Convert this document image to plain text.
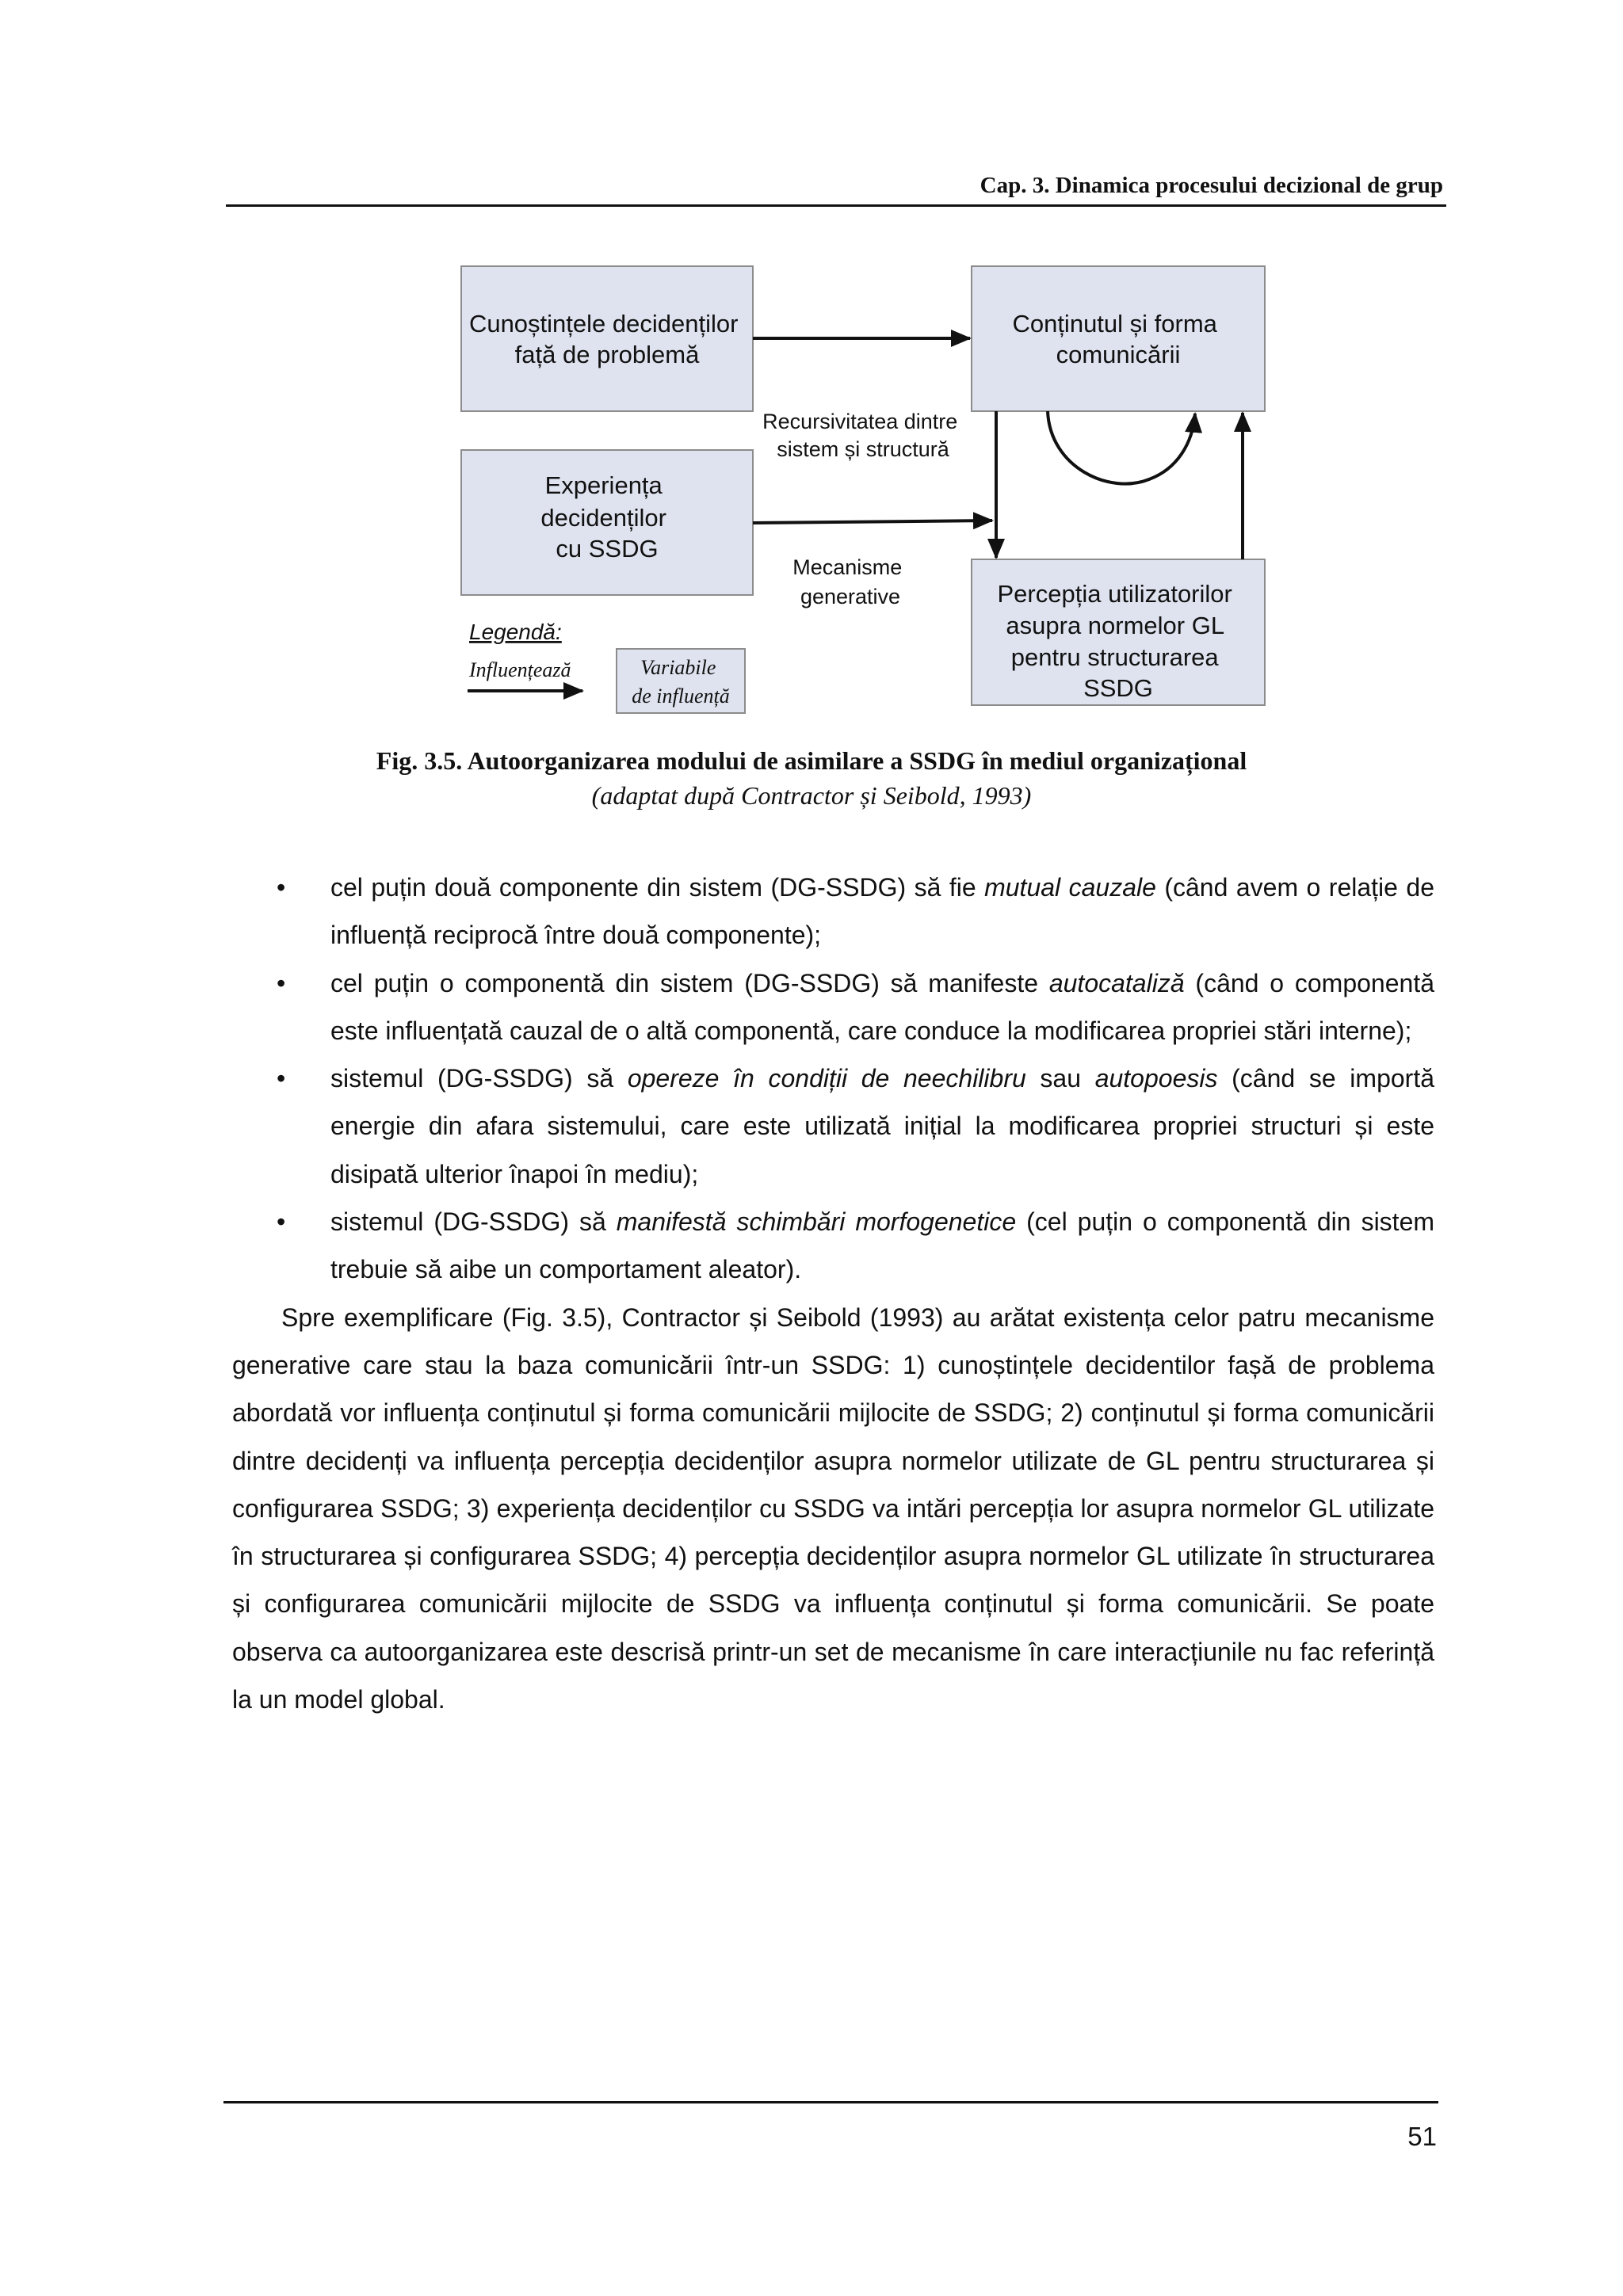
Cap. 3. Dinamica procesului decizional de grup
Cunoștințele decidenților față de problemă
Conținutul și forma comunicării
Experiența decidenților cu SSDG
Percepția utilizatorilor asupra normelor GL pentru structurarea SSDG
Recursivitatea dintre sistem și structură
Mecanisme generative
Legendă:
Influențează	Variabile de influență
Fig. 3.5. Autoorganizarea modului de asimilare a SSDG în mediul organizațional
(adaptat după Contractor și Seibold, 1993)
• cel puțin două componente din sistem (DG-SSDG) să fie mutual cauzale (când avem o relație de influență reciprocă între două componente);
• cel puțin o componentă din sistem (DG-SSDG) să manifeste autocataliză (când o componentă este influențată cauzal de o altă componentă, care conduce la modificarea propriei stări interne);
• sistemul (DG-SSDG) să opereze în condiții de neechilibru sau autopoesis (când se importă energie din afara sistemului, care este utilizată inițial la modificarea propriei structuri și este disipată ulterior înapoi în mediu);
• sistemul (DG-SSDG) să manifestă schimbări morfogenetice (cel puțin o componentă din sistem trebuie să aibe un comportament aleator).

Spre exemplificare (Fig. 3.5), Contractor și Seibold (1993) au arătat existența celor patru mecanisme generative care stau la baza comunicării într-un SSDG: 1) cunoștințele decidentilor fașă de problema abordată vor influența conținutul și forma comunicării mijlocite de SSDG; 2) conținutul și forma comunicării dintre decidenți va influența percepția decidenților asupra normelor utilizate de GL pentru structurarea și configurarea SSDG; 3) experiența decidenților cu SSDG va intări percepția lor asupra normelor GL utilizate în structurarea și configurarea SSDG; 4) percepția decidenților asupra normelor GL utilizate în structurarea și configurarea comunicării mijlocite de SSDG va influența conținutul și forma comunicării. Se poate observa ca autoorganizarea este descrisă printr-un set de mecanisme în care interacțiunile nu fac referință la un model global.

51
